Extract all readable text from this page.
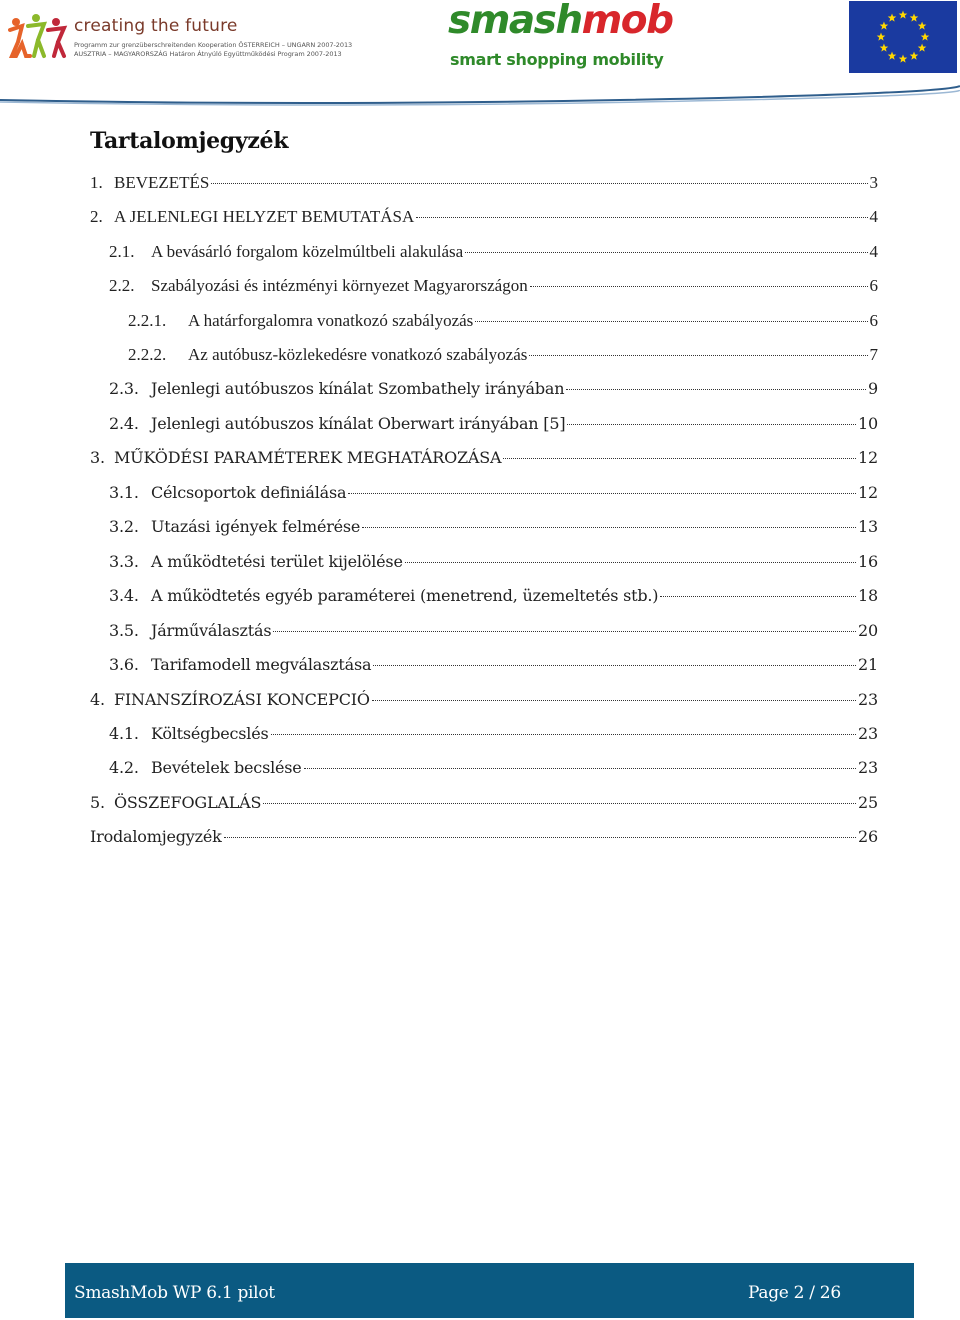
creating the future
Programm zur grenzüberschreitenden Kooperation ÖSTERREICH – UNGARN 2007-2013
AUSZTRIA – MAGYARORSZÁG Határon Átnyúló Együttműködési Program 2007-2013
smashmob
smart shopping mobility
Tartalomjegyzék
1. BEVEZETÉS	3
2. A JELENLEGI HELYZET BEMUTATÁSA	4
2.1. A bevásárló forgalom közelmúltbeli alakulása	4
2.2. Szabályozási és intézményi környezet Magyarországon	6
2.2.1.	A határforgalomra vonatkozó szabályozás	6
2.2.2.	Az autóbusz-közlekedésre vonatkozó szabályozás	7
2.3. Jelenlegi autóbuszos kínálat Szombathely irányában	9
2.4. Jelenlegi autóbuszos kínálat Oberwart irányában [5]	10
3. MŰKÖDÉSI PARAMÉTEREK MEGHATÁROZÁSA	12
3.1. Célcsoportok definiálása	12
3.2. Utazási igények felmérése	13
3.3. A működtetési terület kijelölése	16
3.4. A működtetés egyéb paraméterei (menetrend, üzemeltetés stb.)	18
3.5. Járműválasztás	20
3.6. Tarifamodell megválasztása	21
4. FINANSZÍROZÁSI KONCEPCIÓ	23
4.1. Költségbecslés	23
4.2. Bevételek becslése	23
5. ÖSSZEFOGLALÁS	25
Irodalomjegyzék	26
SmashMob WP 6.1 pilot	Page 2 / 26
